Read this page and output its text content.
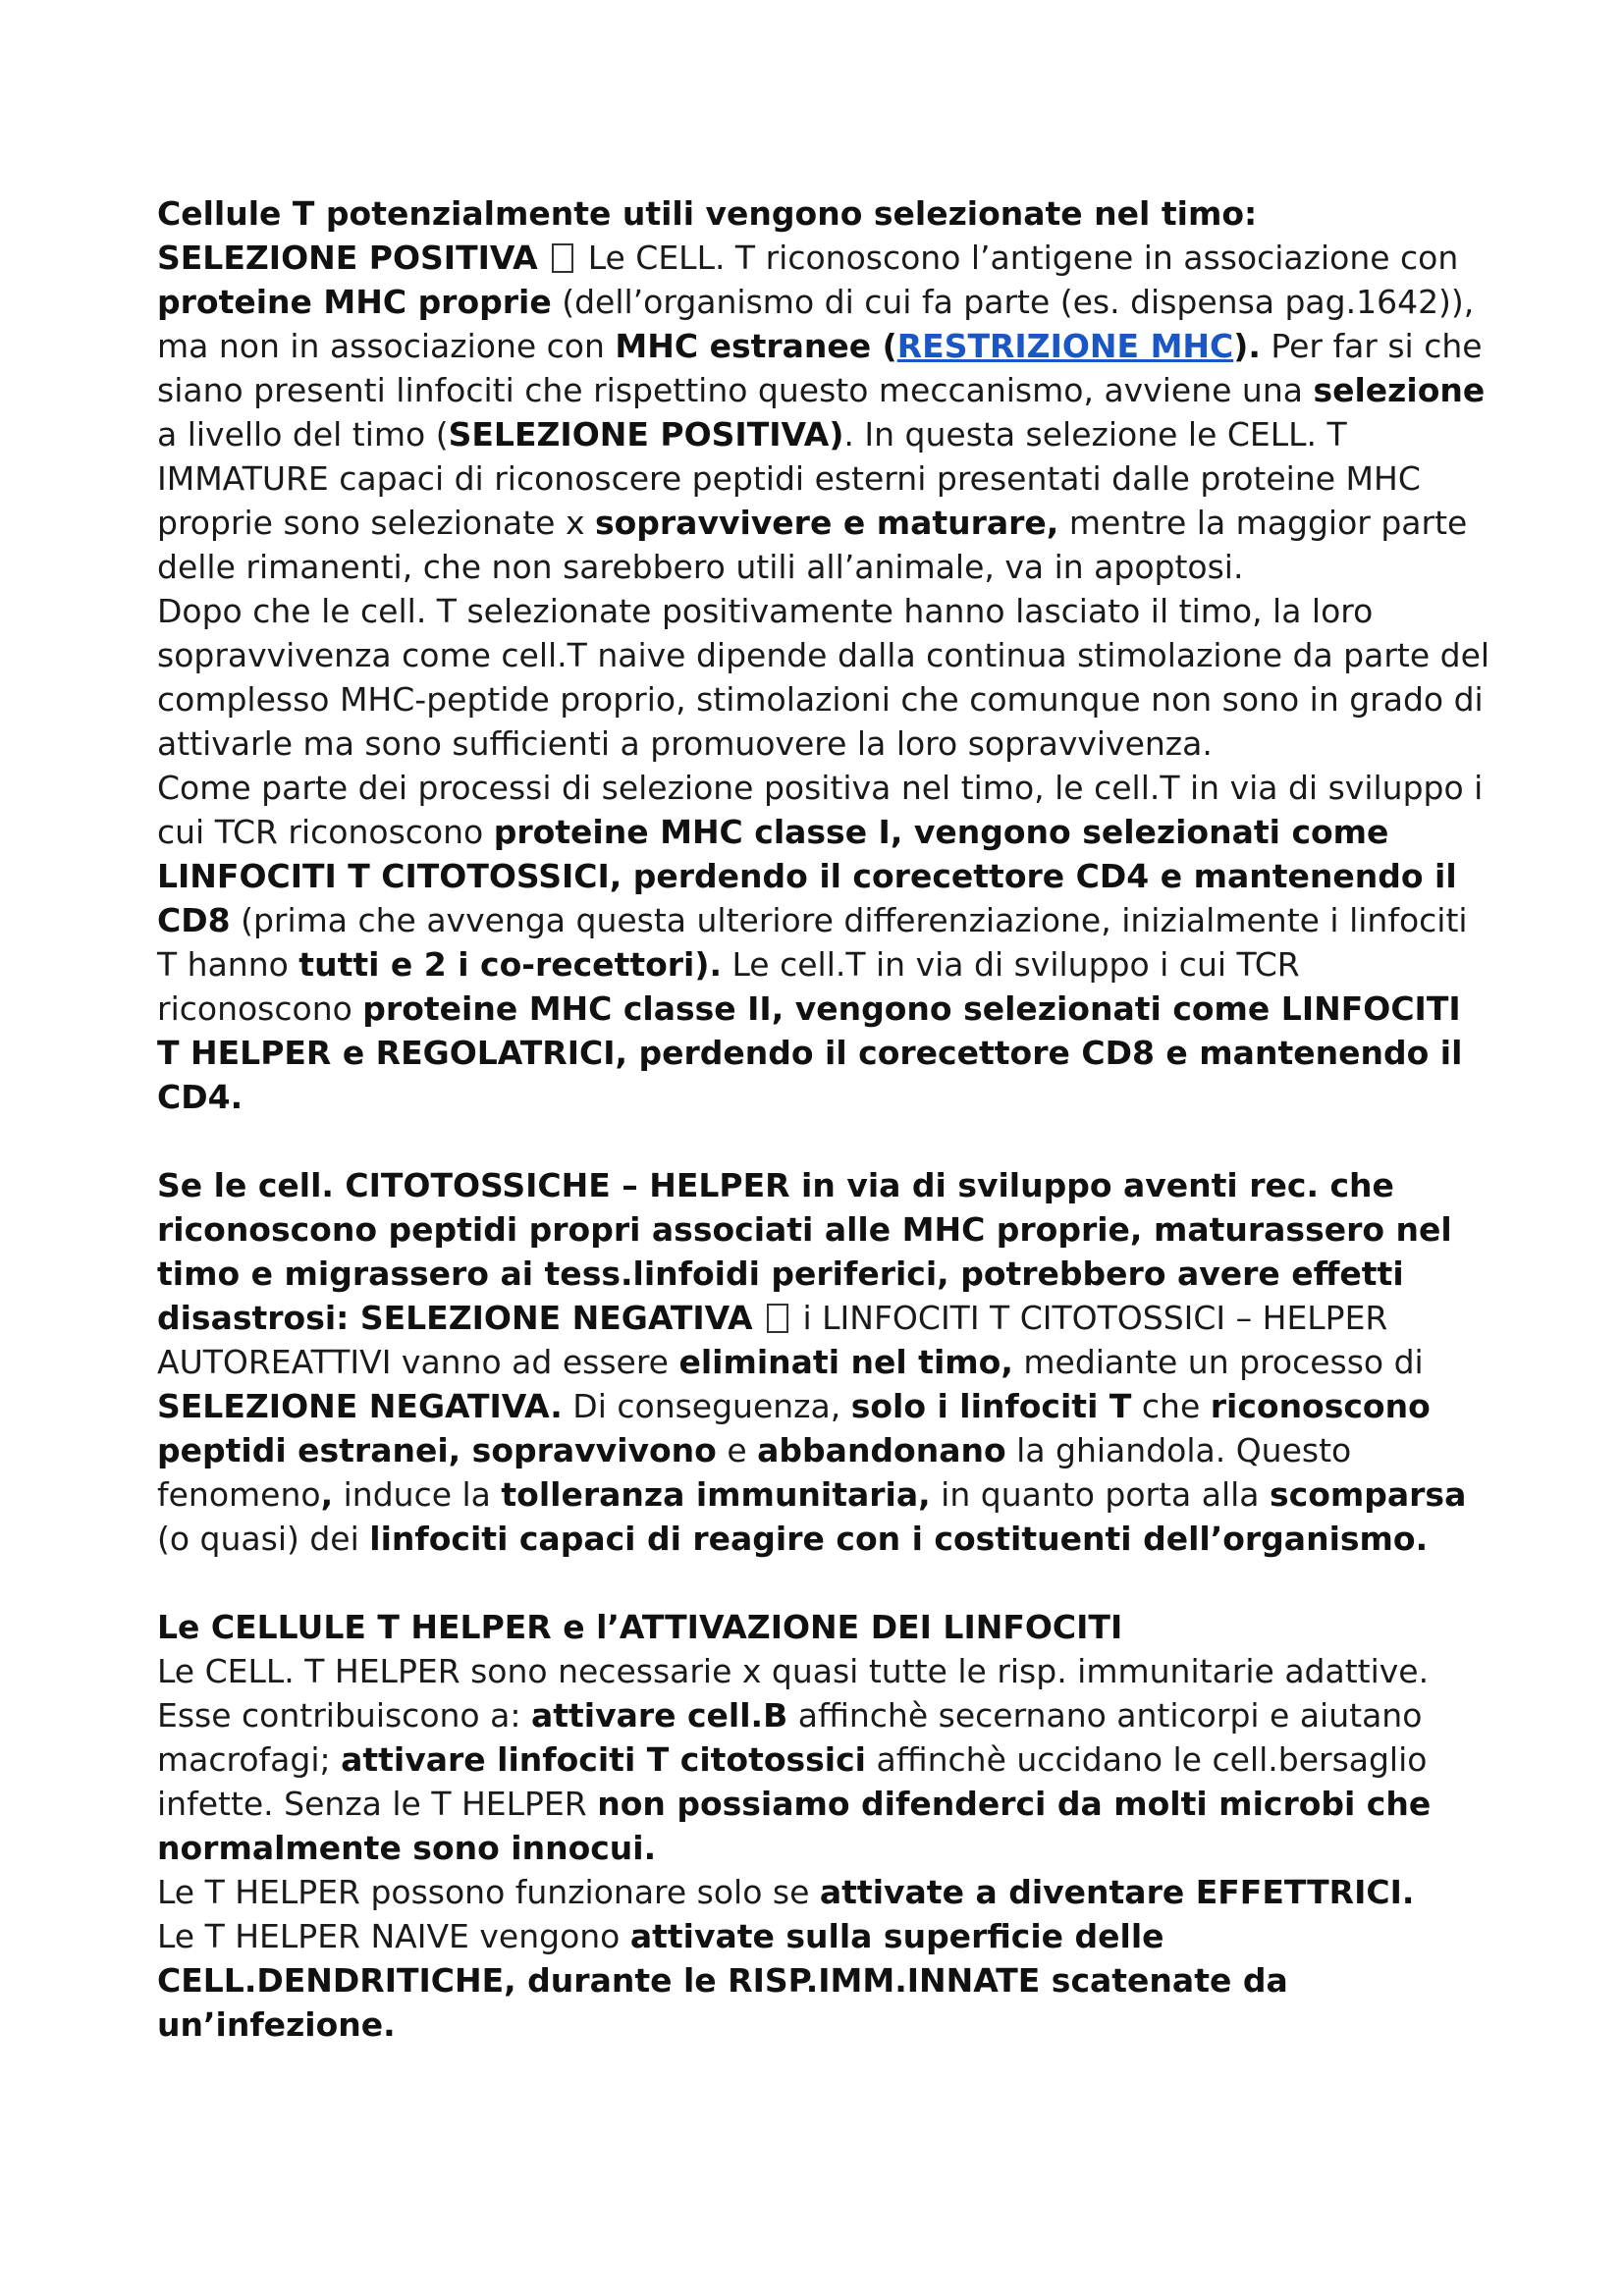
Cellule T potenzialmente utili vengono selezionate nel timo:

SELEZIONE POSITIVA  Le CELL. T riconoscono l’antigene in associazione con proteine MHC proprie (dell’organismo di cui fa parte (es. dispensa pag.1642)), ma non in associazione con MHC estranee (RESTRIZIONE MHC). Per far si che siano presenti linfociti che rispettino questo meccanismo, avviene una selezione a livello del timo (SELEZIONE POSITIVA). In questa selezione le CELL. T IMMATURE capaci di riconoscere peptidi esterni presentati dalle proteine MHC proprie sono selezionate x sopravvivere e maturare, mentre la maggior parte delle rimanenti, che non sarebbero utili all’animale, va in apoptosi.

Dopo che le cell. T selezionate positivamente hanno lasciato il timo, la loro sopravvivenza come cell.T naive dipende dalla continua stimolazione da parte del complesso MHC-peptide proprio, stimolazioni che comunque non sono in grado di attivarle ma sono sufficienti a promuovere la loro sopravvivenza.

Come parte dei processi di selezione positiva nel timo, le cell.T in via di sviluppo i cui TCR riconoscono proteine MHC classe I, vengono selezionati come LINFOCITI T CITOTOSSICI, perdendo il corecettore CD4 e mantenendo il CD8 (prima che avvenga questa ulteriore differenziazione, inizialmente i linfociti T hanno tutti e 2 i co-recettori). Le cell.T in via di sviluppo i cui TCR riconoscono proteine MHC classe II, vengono selezionati come LINFOCITI T HELPER e REGOLATRICI, perdendo il corecettore CD8 e mantenendo il CD4.

Se le cell. CITOTOSSICHE – HELPER in via di sviluppo aventi rec. che riconoscono peptidi propri associati alle MHC proprie, maturassero nel timo e migrassero ai tess.linfoidi periferici, potrebbero avere effetti disastrosi: SELEZIONE NEGATIVA  i LINFOCITI T CITOTOSSICI – HELPER AUTOREATTIVI vanno ad essere eliminati nel timo, mediante un processo di SELEZIONE NEGATIVA. Di conseguenza, solo i linfociti T che riconoscono peptidi estranei, sopravvivono e abbandonano la ghiandola. Questo fenomeno, induce la tolleranza immunitaria, in quanto porta alla scomparsa (o quasi) dei linfociti capaci di reagire con i costituenti dell’organismo.

Le CELLULE T HELPER e l’ATTIVAZIONE DEI LINFOCITI

Le CELL. T HELPER sono necessarie x quasi tutte le risp. immunitarie adattive. Esse contribuiscono a: attivare cell.B affinchè secernano anticorpi e aiutano macrofagi; attivare linfociti T citotossici affinchè uccidano le cell.bersaglio infette. Senza le T HELPER non possiamo difenderci da molti microbi che normalmente sono innocui.

Le T HELPER possono funzionare solo se attivate a diventare EFFETTRICI.

Le T HELPER NAIVE vengono attivate sulla superficie delle CELL.DENDRITICHE, durante le RISP.IMM.INNATE scatenate da un’infezione.
